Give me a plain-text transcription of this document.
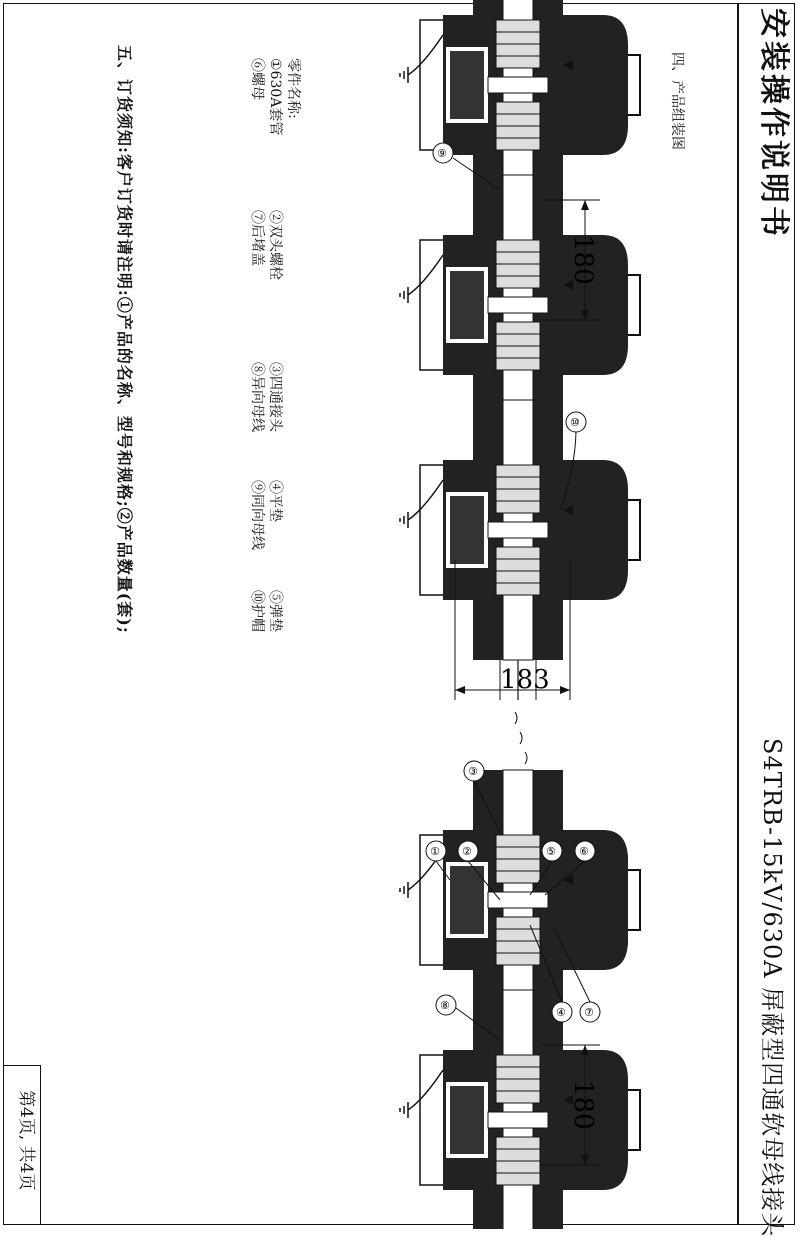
安装操作说明书
S4TRB-15kV/630A 屏蔽型四通软母线接头
第4页, 共4页
四、产品组装图
零件名称:
①630A套管
②双头螺栓
③四通接头
④平垫
⑤弹垫
⑥螺母
⑦后堵盖
⑧异向母线
⑨同向母线
⑩护帽
五、订货须知:客户订货时请注明:①产品的名称、型号和规格;②产品数量(套);	180
183
180
⑨
⑩
③
① ②	⑤ ⑥
④ ⑦
⑧
